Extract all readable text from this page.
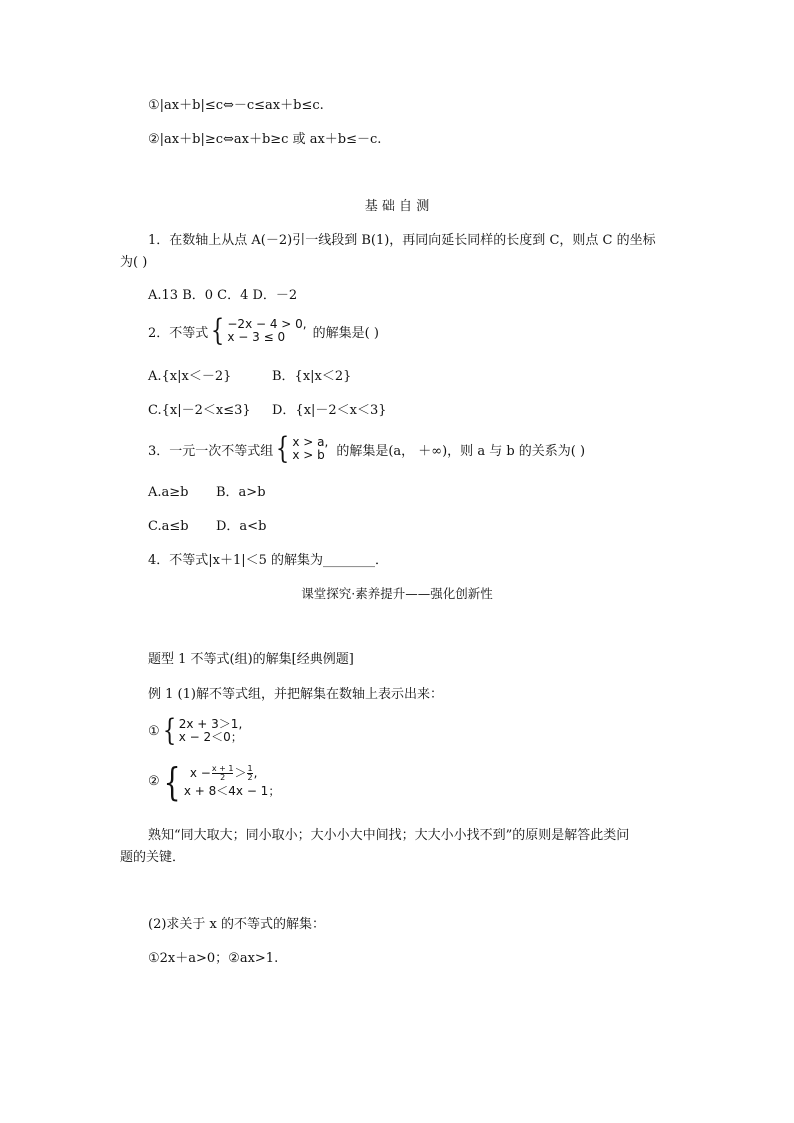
①|ax＋b|≤c⇔－c≤ax＋b≤c.
②|ax＋b|≥c⇔ax＋b≥c 或 ax＋b≤－c.
基 础 自 测
1．在数轴上从点 A(－2)引一线段到 B(1)，再同向延长同样的长度到 C，则点 C 的坐标
为( )
A.13 B．0 C．4 D．－2
2．不等式 { −2x − 4 > 0,
x − 3 ≤ 0	的解集是( )
A.{x|x＜－2}	B．{x|x＜2}
C.{x|－2＜x≤3} D．{x|－2＜x＜3}
3．一元一次不等式组 { x > a,
x > b 的解集是(a， ＋∞)，则 a 与 b 的关系为( )
A.a≥b B．a>b
C.a≤b D．a<b
4．不等式|x＋1|＜5 的解集为________．
课堂探究·素养提升——强化创新性
题型 1 不等式(组)的解集[经典例题]
例 1 (1)解不等式组，并把解集在数轴上表示出来：
① { 2x + 3＞1,
x − 2＜0；
② { $x - \frac{x + 1}{2} > \frac{1}{2}$ ,
x + 8＜4x − 1；
熟知“同大取大；同小取小；大小小大中间找；大大小小找不到”的原则是解答此类问
题的关键．
(2)求关于 x 的不等式的解集：
①2x＋a>0；②ax>1.
